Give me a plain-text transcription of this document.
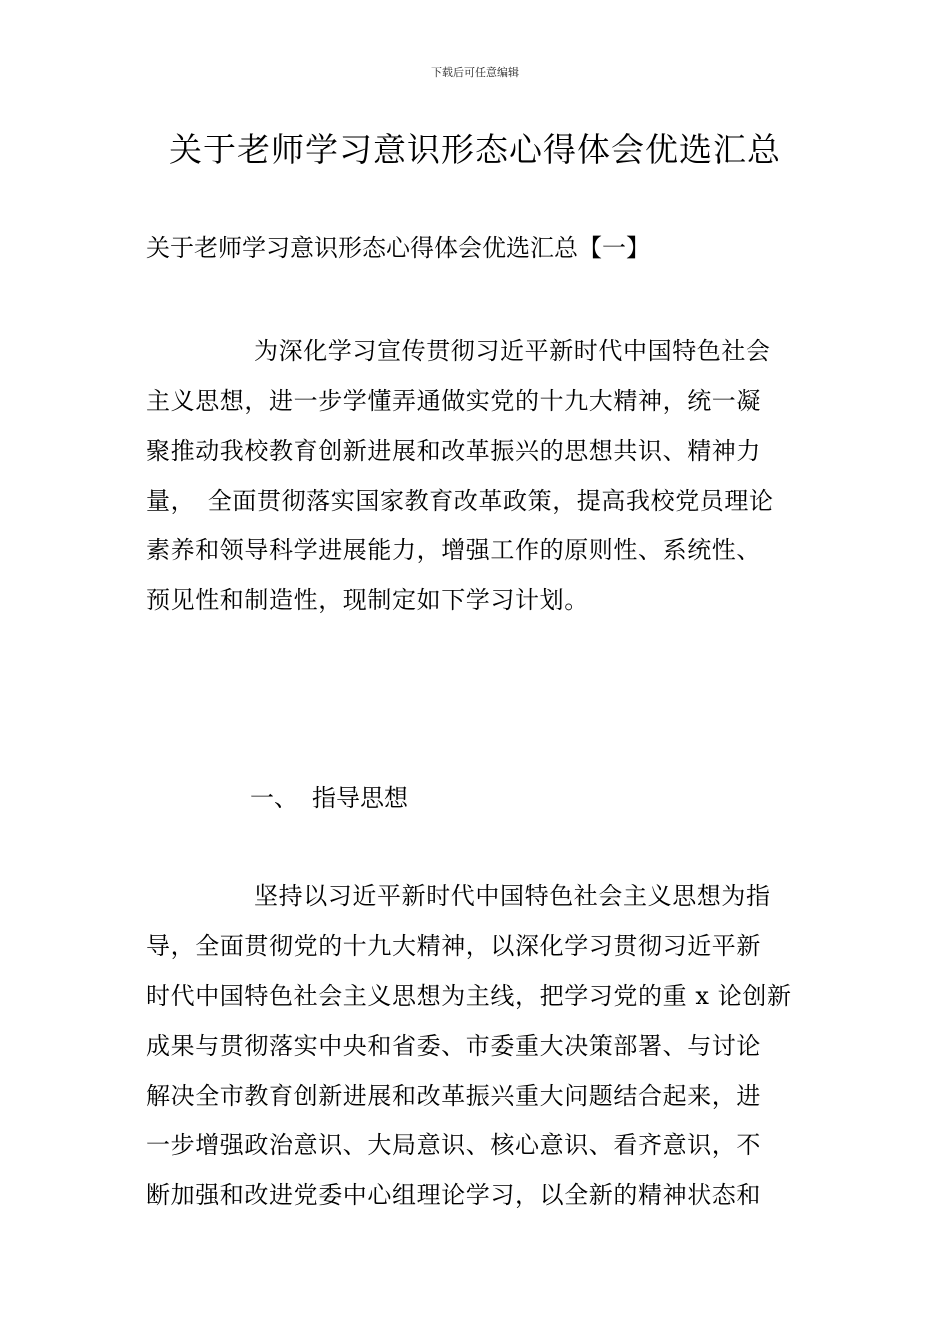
下载后可任意编辑
关于老师学习意识形态心得体会优选汇总
关于老师学习意识形态心得体会优选汇总【一】
为深化学习宣传贯彻习近平新时代中国特色社会
主义思想，进一步学懂弄通做实党的十九大精神，统一凝
聚推动我校教育创新进展和改革振兴的思想共识、精神力
量，　全面贯彻落实国家教育改革政策，提高我校党员理论
素养和领导科学进展能力，增强工作的原则性、系统性、
预见性和制造性，现制定如下学习计划。
一、 指导思想
坚持以习近平新时代中国特色社会主义思想为指
导，全面贯彻党的十九大精神，以深化学习贯彻习近平新
时代中国特色社会主义思想为主线，把学习党的重 x 论创新
成果与贯彻落实中央和省委、市委重大决策部署、与讨论
解决全市教育创新进展和改革振兴重大问题结合起来，进
一步增强政治意识、大局意识、核心意识、看齐意识，不
断加强和改进党委中心组理论学习，以全新的精神状态和
